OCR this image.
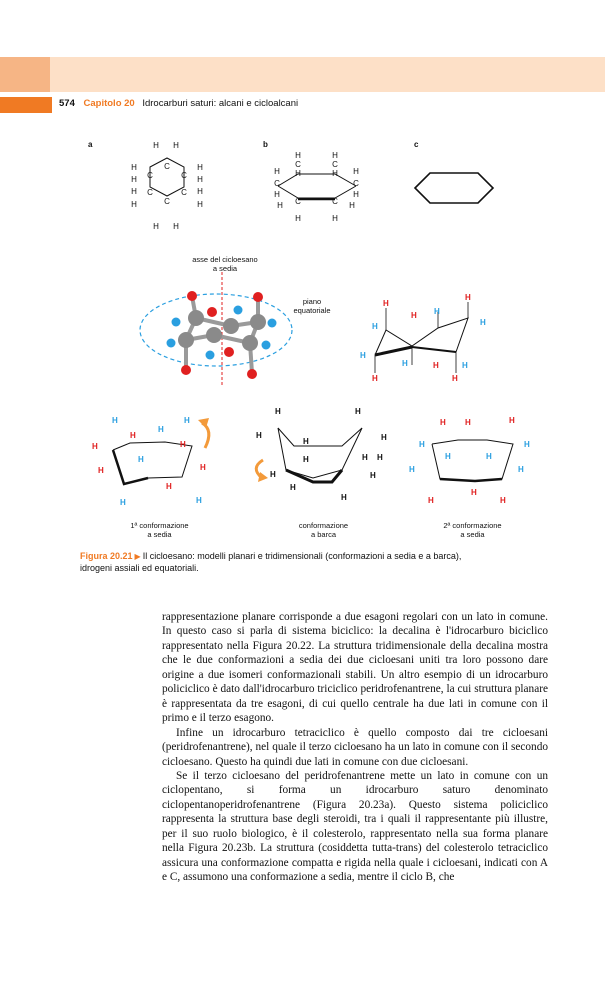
574 Capitolo 20 Idrocarburi saturi: alcani e cicloalcani
C
C	C
C	C
C
H H
H
H
H
H
H
H
H
H
H H
H
C
H
H
C
H
H
C
H
H
C
H
C	C
H	H
H	H
H
H
H
H
H
H
H
H
H
H
H	H
H	H
H
H
H	H
H
H
H
H
H
H
H	H
H
H	H
H
H
H
H
H
H
H
H H	H
H
H
H
H	H
H
H	H
H
a	b	c
asse del cicloesano
a sedia
piano
equatoriale
1ª conformazione
a sedia
conformazione
a barca
2ª conformazione
a sedia
Figura 20.21 ▶ Il cicloesano: modelli planari e tridimensionali (conformazioni a sedia e a barca), idrogeni assiali ed equatoriali.

rappresentazione planare corrisponde a due esagoni regolari con un lato in comune. In questo caso si parla di sistema biciclico: la decalina è l'idrocarburo biciclico rappresentato nella Figura 20.22. La struttura tridimensionale della decalina mostra che le due conformazioni a sedia dei due cicloesani uniti tra loro possono dare origine a due isomeri conformazionali stabili. Un altro esempio di un idrocarburo policiclico è dato dall'idrocarburo triciclico peridrofenantrene, la cui struttura planare è rappresentata da tre esagoni, di cui quello centrale ha due lati in comune con il primo e il terzo esagono.

Infine un idrocarburo tetraciclico è quello composto dai tre cicloesani (peridrofenantrene), nel quale il terzo cicloesano ha un lato in comune con il secondo cicloesano. Questo ha quindi due lati in comune con due cicloesani.

Se il terzo cicloesano del peridrofenantrene mette un lato in comune con un ciclopentano, si forma un idrocarburo saturo denominato ciclopentanoperidrofenantrene (Figura 20.23a). Questo sistema policiclico rappresenta la struttura base degli steroidi, tra i quali il rappresentante più illustre, per il suo ruolo biologico, è il colesterolo, rappresentato nella sua forma planare nella Figura 20.23b. La struttura (cosiddetta tutta-trans) del colesterolo tetraciclico assicura una conformazione compatta e rigida nella quale i cicloesani, indicati con A e C, assumono una conformazione a sedia, mentre il ciclo B, che
